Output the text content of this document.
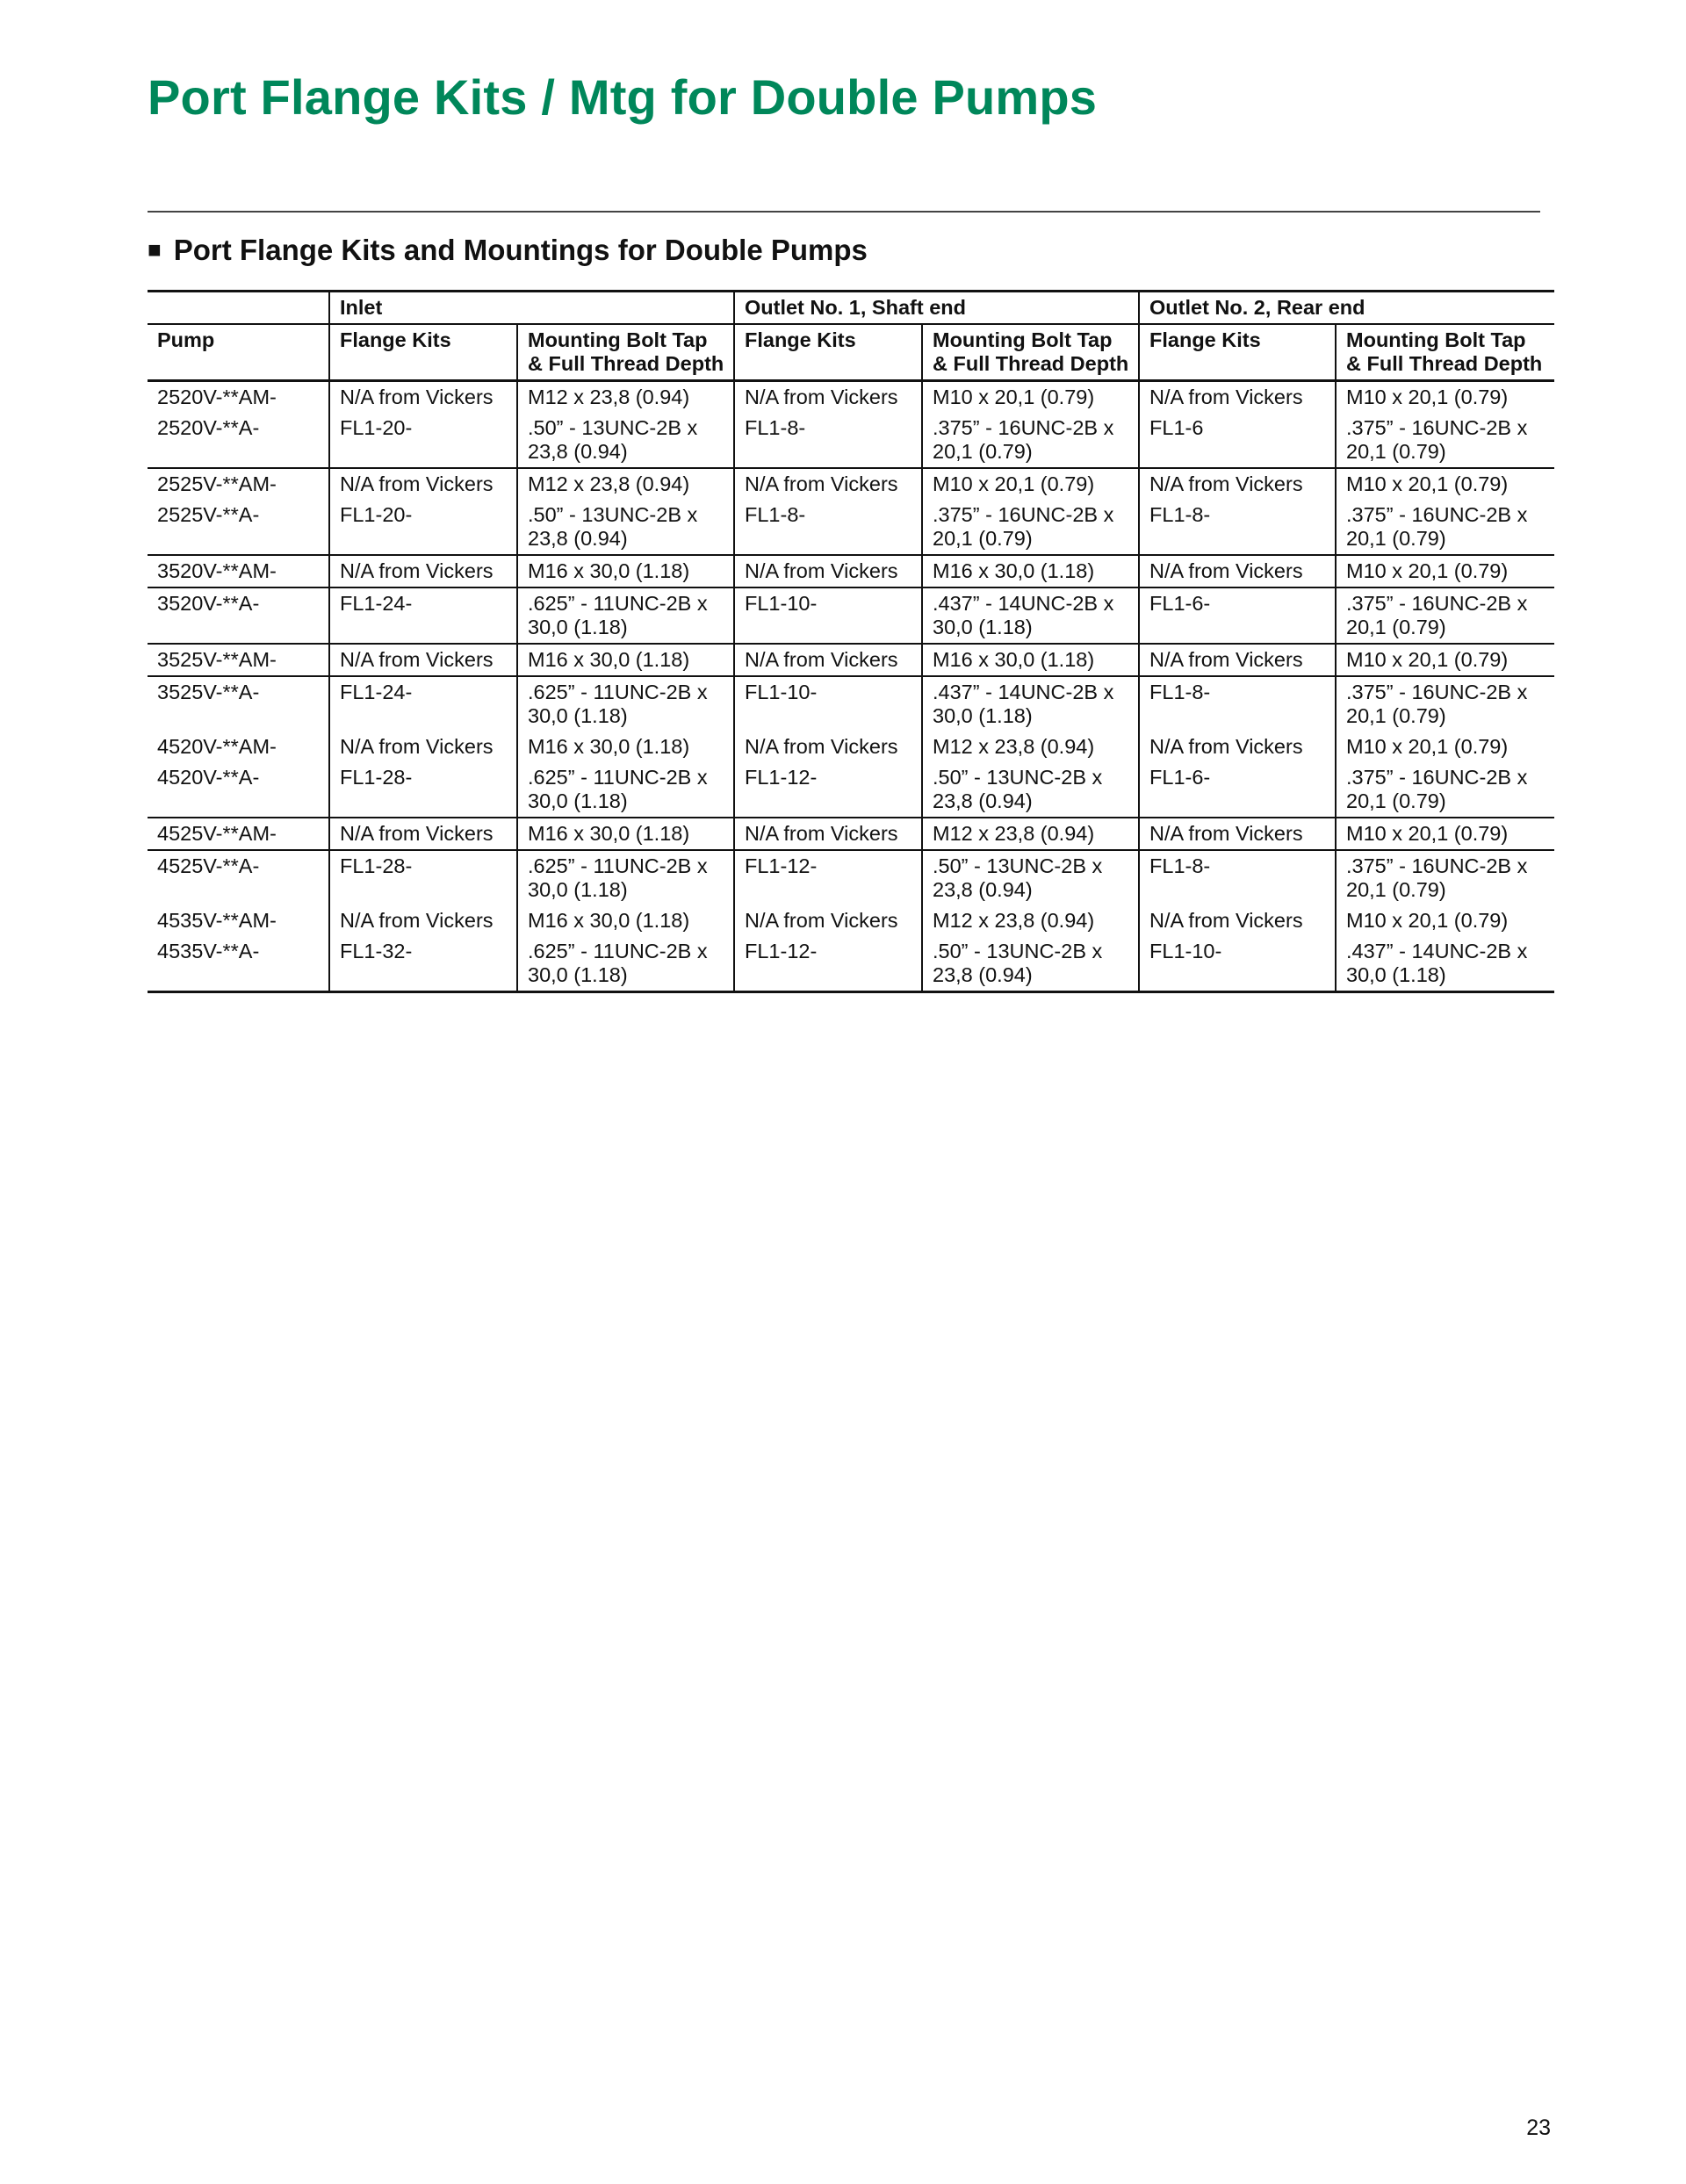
Port Flange Kits / Mtg for Double Pumps
■ Port Flange Kits and Mountings for Double Pumps
	Inlet		Outlet No. 1, Shaft end		Outlet No. 2, Rear end	
Pump	Flange Kits	Mounting Bolt Tap & Full Thread Depth	Flange Kits	Mounting Bolt Tap & Full Thread Depth	Flange Kits	Mounting Bolt Tap & Full Thread Depth
2520V-**AM-	N/A from Vickers	M12 x 23,8 (0.94)	N/A from Vickers	M10 x 20,1 (0.79)	N/A from Vickers	M10 x 20,1 (0.79)
2520V-**A-	FL1-20-	.50” - 13UNC-2B x 23,8 (0.94)	FL1-8-	.375” - 16UNC-2B x 20,1 (0.79)	FL1-6	.375” - 16UNC-2B x 20,1 (0.79)
2525V-**AM-	N/A from Vickers	M12 x 23,8 (0.94)	N/A from Vickers	M10 x 20,1 (0.79)	N/A from Vickers	M10 x 20,1 (0.79)
2525V-**A-	FL1-20-	.50” - 13UNC-2B x 23,8 (0.94)	FL1-8-	.375” - 16UNC-2B x 20,1 (0.79)	FL1-8-	.375” - 16UNC-2B x 20,1 (0.79)
3520V-**AM-	N/A from Vickers	M16 x 30,0 (1.18)	N/A from Vickers	M16 x 30,0 (1.18)	N/A from Vickers	M10 x 20,1 (0.79)
3520V-**A-	FL1-24-	.625” - 11UNC-2B x 30,0 (1.18)	FL1-10-	.437” - 14UNC-2B x 30,0 (1.18)	FL1-6-	.375” - 16UNC-2B x 20,1 (0.79)
3525V-**AM-	N/A from Vickers	M16 x 30,0 (1.18)	N/A from Vickers	M16 x 30,0 (1.18)	N/A from Vickers	M10 x 20,1 (0.79)
3525V-**A-	FL1-24-	.625” - 11UNC-2B x 30,0 (1.18)	FL1-10-	.437” - 14UNC-2B x 30,0 (1.18)	FL1-8-	.375” - 16UNC-2B x 20,1 (0.79)
4520V-**AM-	N/A from Vickers	M16 x 30,0 (1.18)	N/A from Vickers	M12 x 23,8 (0.94)	N/A from Vickers	M10 x 20,1 (0.79)
4520V-**A-	FL1-28-	.625” - 11UNC-2B x 30,0 (1.18)	FL1-12-	.50” - 13UNC-2B x 23,8 (0.94)	FL1-6-	.375” - 16UNC-2B x 20,1 (0.79)
4525V-**AM-	N/A from Vickers	M16 x 30,0 (1.18)	N/A from Vickers	M12 x 23,8 (0.94)	N/A from Vickers	M10 x 20,1 (0.79)
4525V-**A-	FL1-28-	.625” - 11UNC-2B x 30,0 (1.18)	FL1-12-	.50” - 13UNC-2B x 23,8 (0.94)	FL1-8-	.375” - 16UNC-2B x 20,1 (0.79)
4535V-**AM-	N/A from Vickers	M16 x 30,0 (1.18)	N/A from Vickers	M12 x 23,8 (0.94)	N/A from Vickers	M10 x 20,1 (0.79)
4535V-**A-	FL1-32-	.625” - 11UNC-2B x 30,0 (1.18)	FL1-12-	.50” - 13UNC-2B x 23,8 (0.94)	FL1-10-	.437” - 14UNC-2B x 30,0 (1.18)
23
